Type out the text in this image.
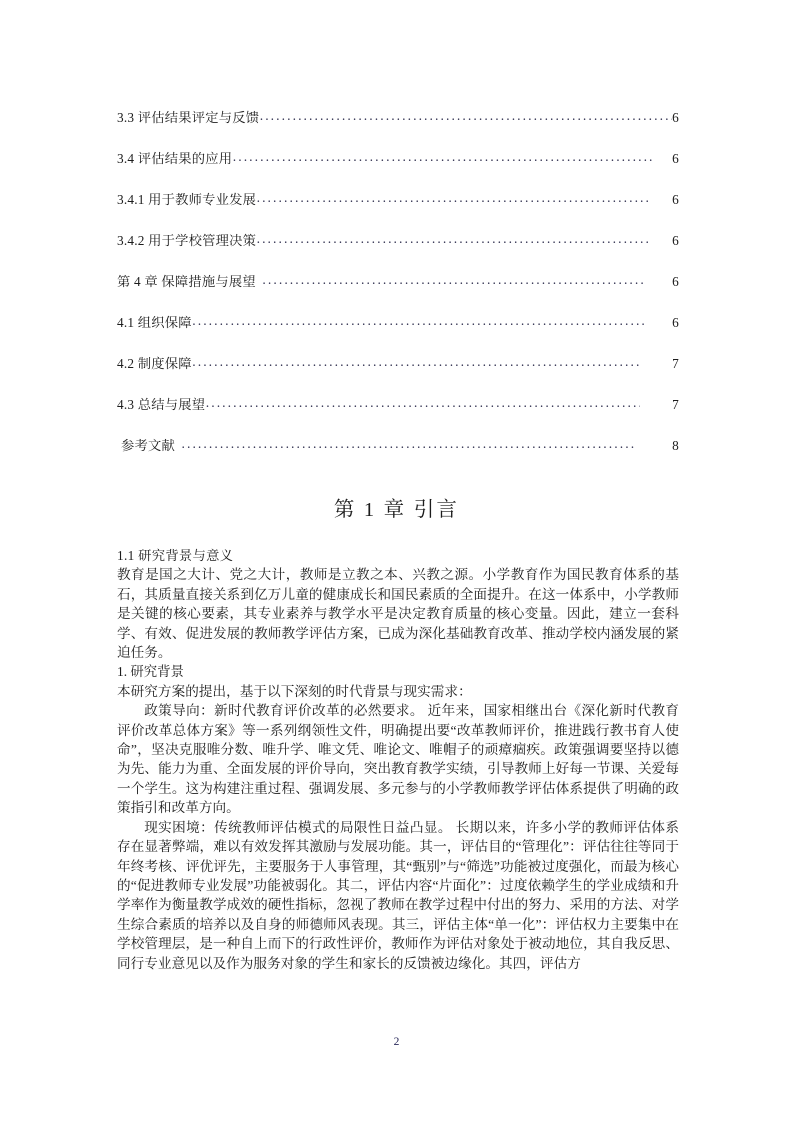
3.3 评估结果评定与反馈 ·····	6
3.4 评估结果的应用 ·····	6
3.4.1 用于教师专业发展 ·····	6
3.4.2 用于学校管理决策 ·····	6
第 4 章 保障措施与展望 ·····	6
4.1 组织保障 ·····	6
4.2 制度保障 ·····	7
4.3 总结与展望 ·····	7
参考文献 ·····	8
第 1 章 引言
1.1 研究背景与意义

教育是国之大计、党之大计，教师是立教之本、兴教之源。小学教育作为国民教育体系的基石，其质量直接关系到亿万儿童的健康成长和国民素质的全面提升。在这一体系中，小学教师是关键的核心要素，其专业素养与教学水平是决定教育质量的核心变量。因此，建立一套科学、有效、促进发展的教师教学评估方案，已成为深化基础教育改革、推动学校内涵发展的紧迫任务。

1. 研究背景

本研究方案的提出，基于以下深刻的时代背景与现实需求：

政策导向：新时代教育评价改革的必然要求。 近年来，国家相继出台《深化新时代教育评价改革总体方案》等一系列纲领性文件，明确提出要“改革教师评价，推进践行教书育人使命”，坚决克服唯分数、唯升学、唯文凭、唯论文、唯帽子的顽瘴痼疾。政策强调要坚持以德为先、能力为重、全面发展的评价导向，突出教育教学实绩，引导教师上好每一节课、关爱每一个学生。这为构建注重过程、强调发展、多元参与的小学教师教学评估体系提供了明确的政策指引和改革方向。

现实困境：传统教师评估模式的局限性日益凸显。 长期以来，许多小学的教师评估体系存在显著弊端，难以有效发挥其激励与发展功能。其一，评估目的“管理化”：评估往往等同于年终考核、评优评先，主要服务于人事管理，其“甄别”与“筛选”功能被过度强化，而最为核心的“促进教师专业发展”功能被弱化。其二，评估内容“片面化”：过度依赖学生的学业成绩和升学率作为衡量教学成效的硬性指标，忽视了教师在教学过程中付出的努力、采用的方法、对学生综合素质的培养以及自身的师德师风表现。其三，评估主体“单一化”：评估权力主要集中在学校管理层，是一种自上而下的行政性评价，教师作为评估对象处于被动地位，其自我反思、同行专业意见以及作为服务对象的学生和家长的反馈被边缘化。其四，评估方

2
